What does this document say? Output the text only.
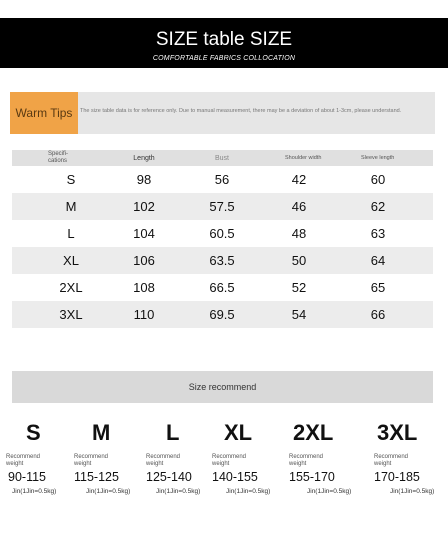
SIZE table SIZE
COMFORTABLE FABRICS COLLOCATION
Warm Tips	The size table data is for reference only. Due to manual measurement, there may be a deviation of about 1-3cm, please understand.
Specifi- cations	Length	Bust	Shoulder width	Sleeve length
S	98	56	42	60
M	102	57.5	46	62
L	104	60.5	48	63
XL	106	63.5	50	64
2XL	108	66.5	52	65
3XL	110	69.5	54	66
Size recommend
S
Recommend weight
90-115
Jin(1Jin=0.5kg)
M
Recommend weight
115-125
Jin(1Jin=0.5kg)
L
Recommend weight
125-140
Jin(1Jin=0.5kg)
XL
Recommend weight
140-155
Jin(1Jin=0.5kg)
2XL
Recommend weight
155-170
Jin(1Jin=0.5kg)
3XL
Recommend weight
170-185
Jin(1Jin=0.5kg)
